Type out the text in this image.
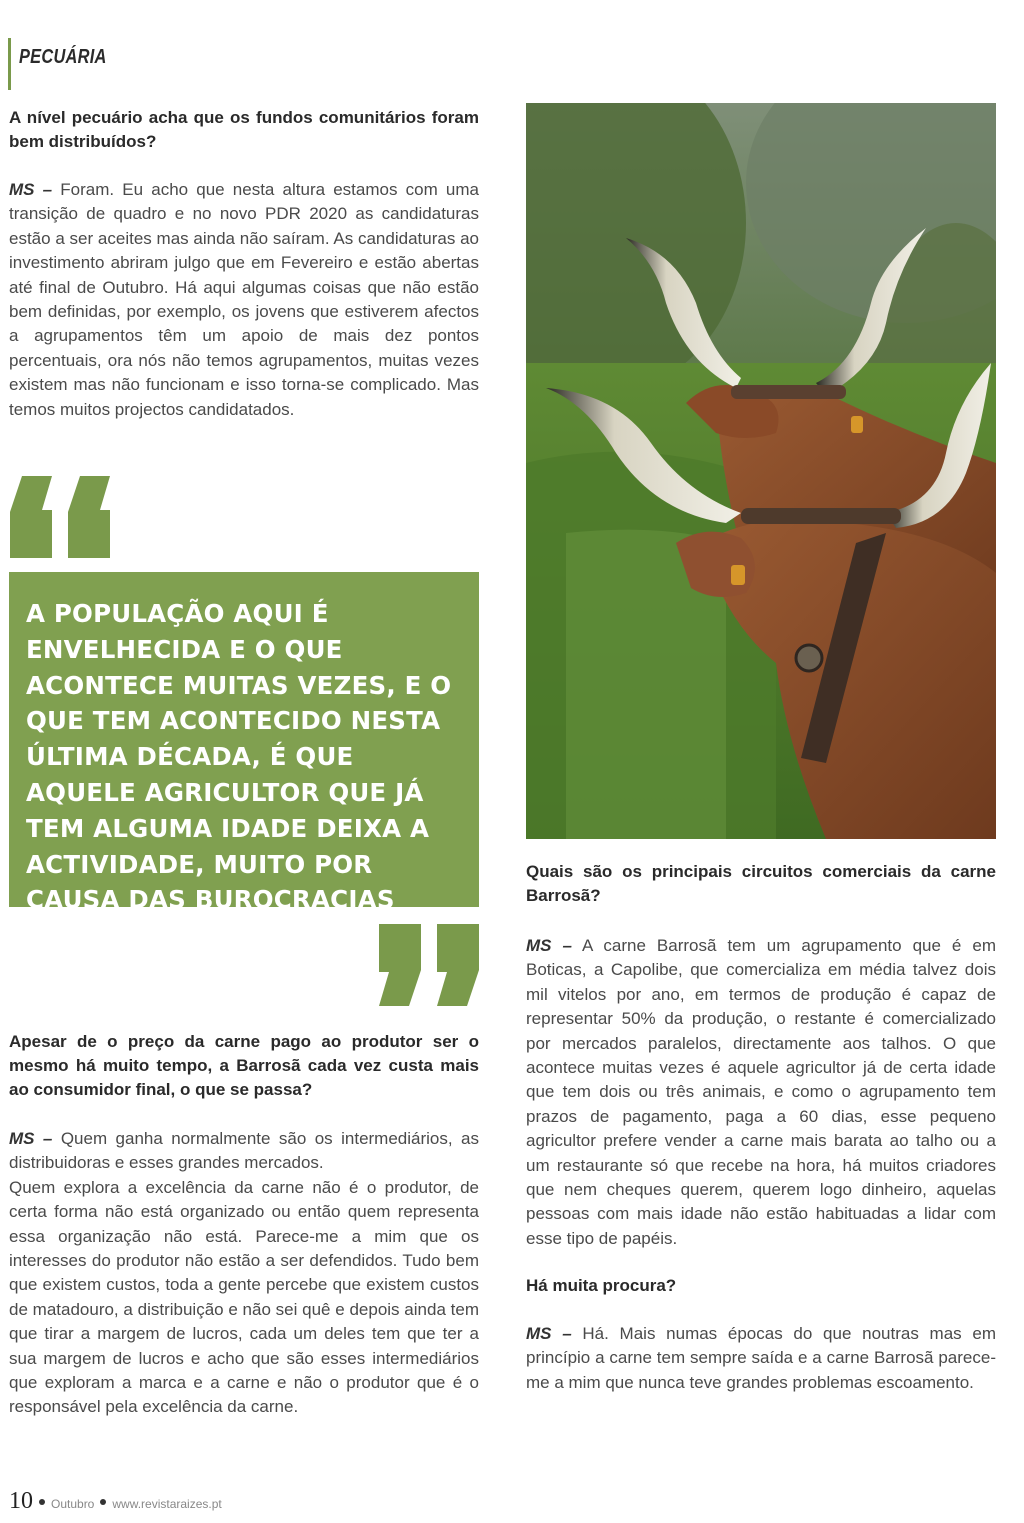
PECUÁRIA
A nível pecuário acha que os fundos comunitários foram bem distribuídos?
MS – Foram. Eu acho que nesta altura estamos com uma transição de quadro e no novo PDR 2020 as candidaturas estão a ser aceites mas ainda não saíram. As candidaturas ao investimento abriram julgo que em Fevereiro e estão abertas até final de Outubro. Há aqui algumas coisas que não estão bem definidas, por exemplo, os jovens que estiverem afectos a agrupamentos têm um apoio de mais dez pontos percentuais, ora nós não temos agrupamentos, muitas vezes existem mas não funcionam e isso torna-se complicado. Mas temos muitos projectos candidatados.
A POPULAÇÃO AQUI É ENVELHECIDA E O QUE ACONTECE MUITAS VEZES, E O QUE TEM ACONTECIDO NESTA ÚLTIMA DÉCADA, É QUE AQUELE AGRICULTOR QUE JÁ TEM ALGUMA IDADE DEIXA A ACTIVIDADE, MUITO POR CAUSA DAS BUROCRACIAS
Apesar de o preço da carne pago ao produtor ser o mesmo há muito tempo, a Barrosã cada vez custa mais ao consumidor final, o que se passa?

MS – Quem ganha normalmente são os intermediários, as distribuidoras e esses grandes mercados.

Quem explora a excelência da carne não é o produtor, de certa forma não está organizado ou então quem representa essa organização não está. Parece-me a mim que os interesses do produtor não estão a ser defendidos. Tudo bem que existem custos, toda a gente percebe que existem custos de matadouro, a distribuição e não sei quê e depois ainda tem que tirar a margem de lucros, cada um deles tem que ter a sua margem de lucros e acho que são esses intermediários que exploram a marca e a carne e não o produtor que é o responsável pela excelência da carne.

Quais são os principais circuitos comerciais da carne Barrosã?
MS – A carne Barrosã tem um agrupamento que é em Boticas, a Capolibe, que comercializa em média talvez dois mil vitelos por ano, em termos de produção é capaz de representar 50% da produção, o restante é comercializado por mercados paralelos, directamente aos talhos. O que acontece muitas vezes é aquele agricultor já de certa idade que tem dois ou três animais, e como o agrupamento tem prazos de pagamento, paga a 60 dias, esse pequeno agricultor prefere vender a carne mais barata ao talho ou a um restaurante só que recebe na hora, há muitos criadores que nem cheques querem, querem logo dinheiro, aquelas pessoas com mais idade não estão habituadas a lidar com esse tipo de papéis.
Há muita procura?
MS – Há. Mais numas épocas do que noutras mas em princípio a carne tem sempre saída e a carne Barrosã parece-me a mim que nunca teve grandes problemas escoamento.
10 Outubro www.revistaraizes.pt
